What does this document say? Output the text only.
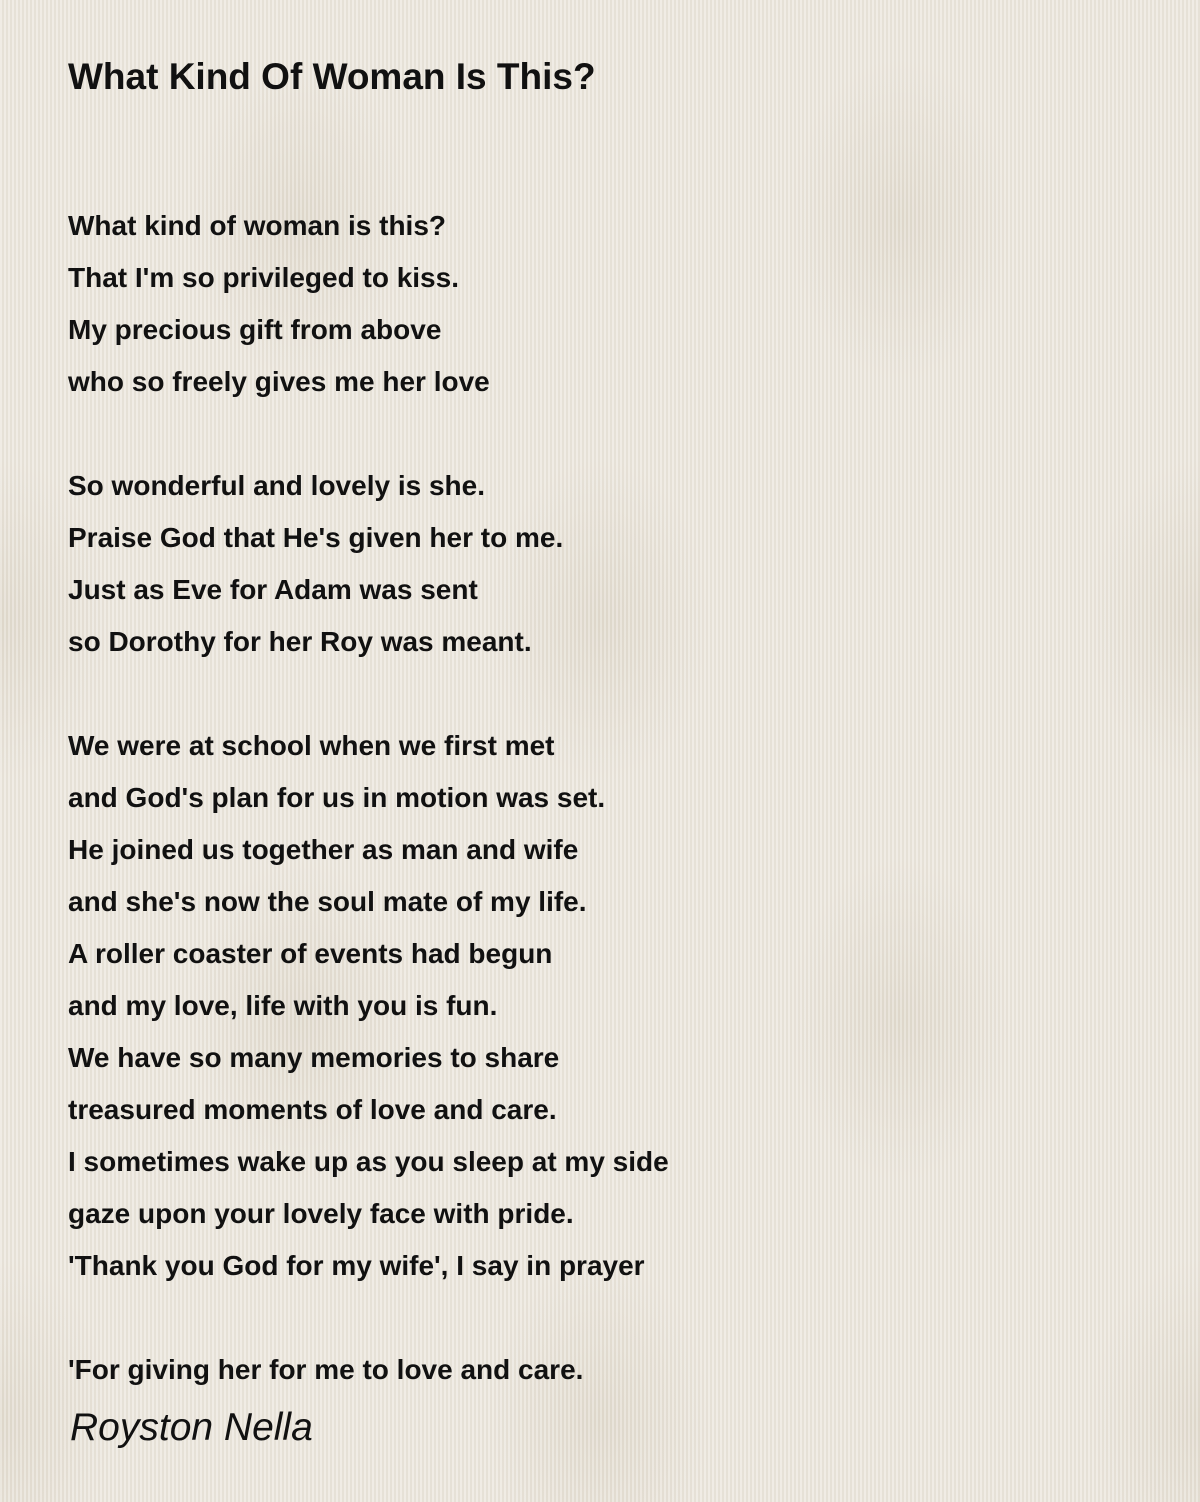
What Kind Of Woman Is This?
What kind of woman is this?
That I'm so privileged to kiss.
My precious gift from above
who so freely gives me her love
So wonderful and lovely is she.
Praise God that He's given her to me.
Just as Eve for Adam was sent
so Dorothy for her Roy was meant.
We were at school when we first met
and God's plan for us in motion was set.
He joined us together as man and wife
and she's now the soul mate of my life.
A roller coaster of events had begun
and my love, life with you is fun.
We have so many memories to share
treasured moments of love and care.
I sometimes wake up as you sleep at my side
gaze upon your lovely face with pride.
'Thank you God for my wife', I say in prayer
'For giving her for me to love and care.
Royston Nella
